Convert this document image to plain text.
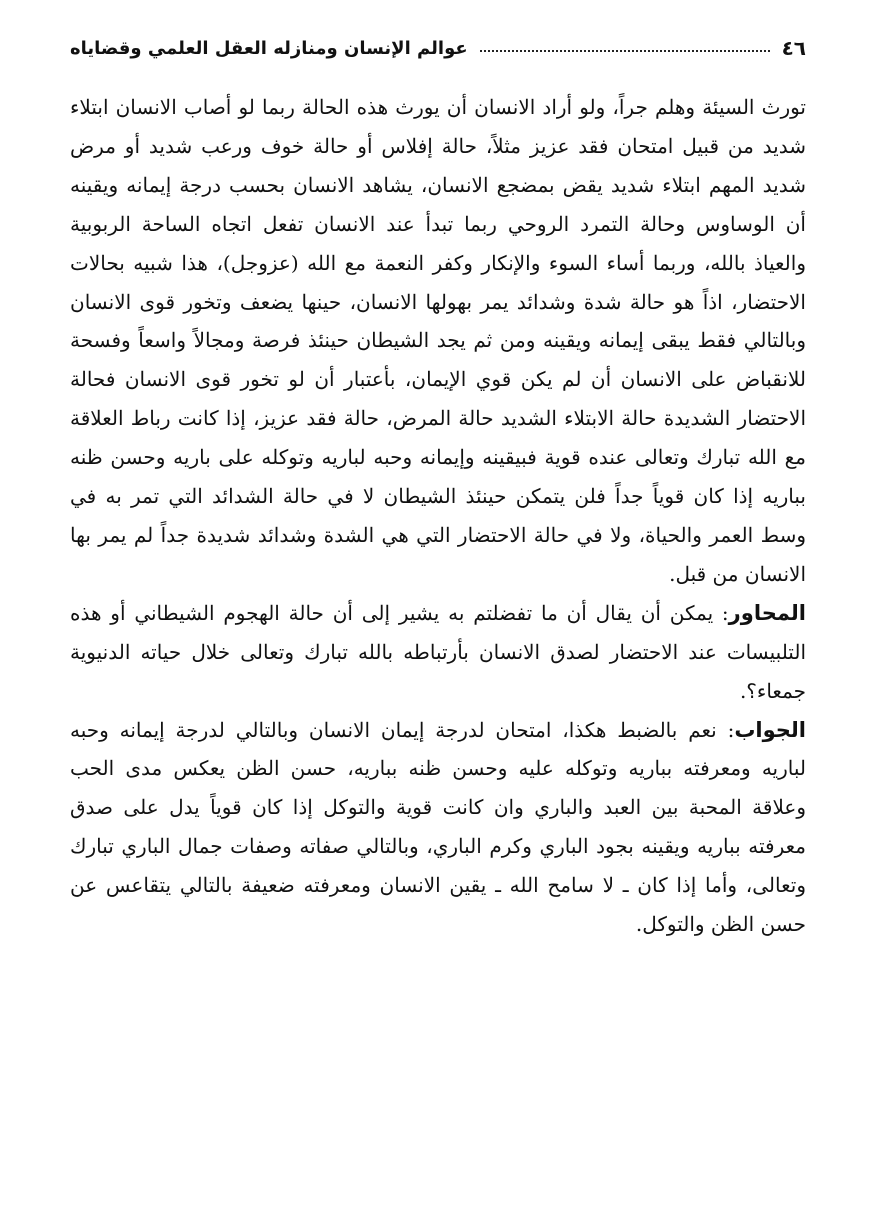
٤٦
عوالم الإنسان ومنازله العقل العلمي وقضاياه

تورث السيئة وهلم جراً، ولو أراد الانسان أن يورث هذه الحالة ربما لو أصاب الانسان ابتلاء شديد من قبيل امتحان فقد عزيز مثلاً، حالة إفلاس أو حالة خوف ورعب شديد أو مرض شديد المهم ابتلاء شديد يقض بمضجع الانسان، يشاهد الانسان بحسب درجة إيمانه ويقينه أن الوساوس وحالة التمرد الروحي ربما تبدأ عند الانسان تفعل اتجاه الساحة الربوبية والعياذ بالله، وربما أساء السوء والإنكار وكفر النعمة مع الله (عزوجل)، هذا شبيه بحالات الاحتضار، اذاً هو حالة شدة وشدائد يمر بهولها الانسان، حينها يضعف وتخور قوى الانسان وبالتالي فقط يبقى إيمانه ويقينه ومن ثم يجد الشيطان حينئذ فرصة ومجالاً واسعاً وفسحة للانقباض على الانسان أن لم يكن قوي الإيمان، بأعتبار أن لو تخور قوى الانسان فحالة الاحتضار الشديدة حالة الابتلاء الشديد حالة المرض، حالة فقد عزيز، إذا كانت رباط العلاقة مع الله تبارك وتعالى عنده قوية فبيقينه وإيمانه وحبه لباريه وتوكله على باريه وحسن ظنه بباريه إذا كان قوياً جداً فلن يتمكن حينئذ الشيطان لا في حالة الشدائد التي تمر به في وسط العمر والحياة، ولا في حالة الاحتضار التي هي الشدة وشدائد شديدة جداً لم يمر بها الانسان من قبل.

المحاور: يمكن أن يقال أن ما تفضلتم به يشير إلى أن حالة الهجوم الشيطاني أو هذه التلبيسات عند الاحتضار لصدق الانسان بأرتباطه بالله تبارك وتعالى خلال حياته الدنيوية جمعاء؟.

الجواب: نعم بالضبط هكذا، امتحان لدرجة إيمان الانسان وبالتالي لدرجة إيمانه وحبه لباريه ومعرفته بباريه وتوكله عليه وحسن ظنه بباريه، حسن الظن يعكس مدى الحب وعلاقة المحبة بين العبد والباري وان كانت قوية والتوكل إذا كان قوياً يدل على صدق معرفته بباريه ويقينه بجود الباري وكرم الباري، وبالتالي صفاته وصفات جمال الباري تبارك وتعالى، وأما إذا كان ـ لا سامح الله ـ يقين الانسان ومعرفته ضعيفة بالتالي يتقاعس عن حسن الظن والتوكل.
